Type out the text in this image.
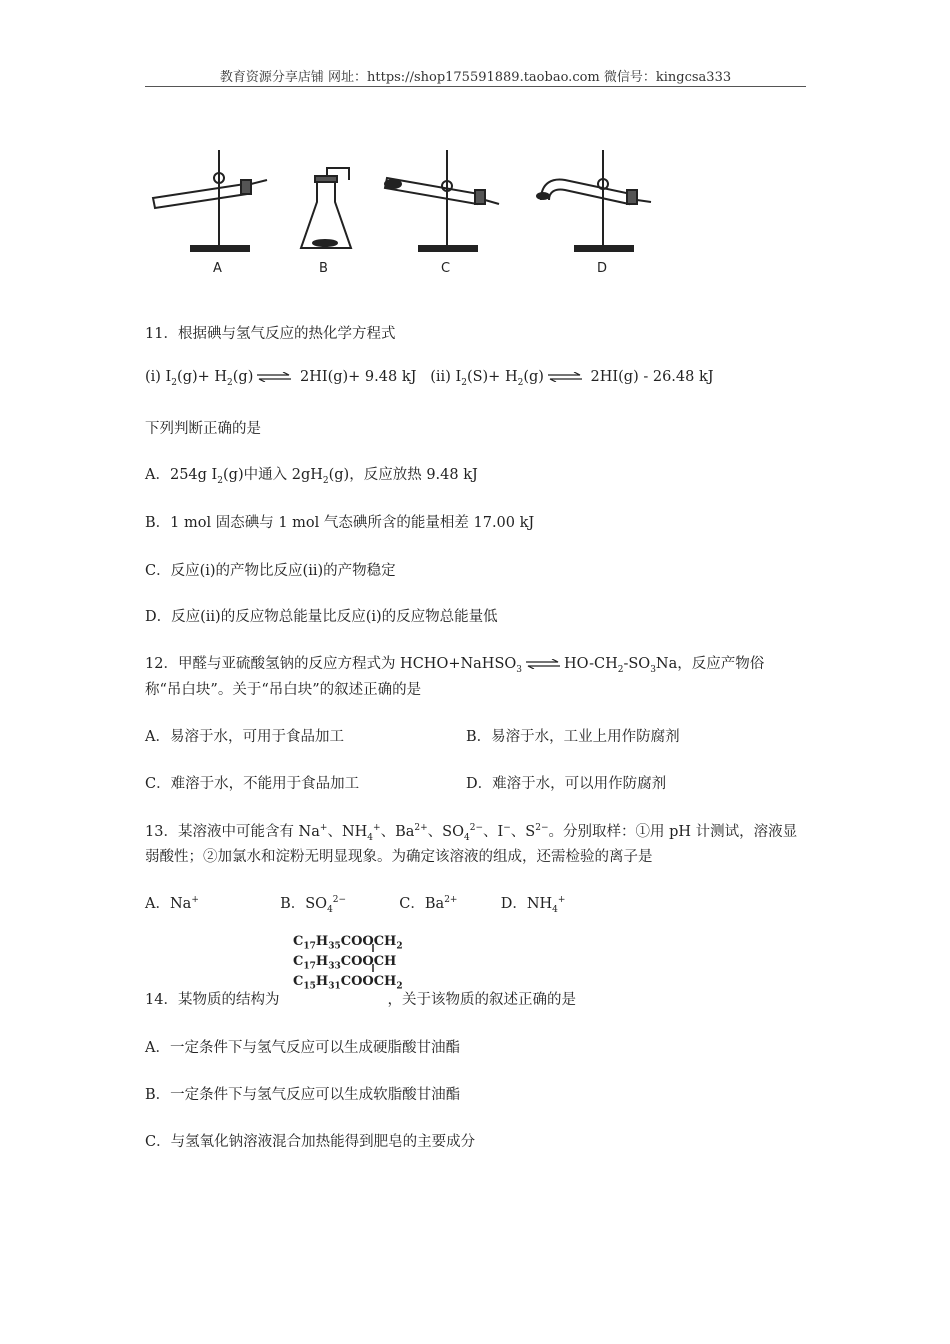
教育资源分享店铺 网址：https://shop175591889.taobao.com 微信号：kingcsa333
A	B	C	D
11．根据碘与氢气反应的热化学方程式
(i) $I_2(g)+ H_2(g)$ ⇌ 2HI(g)+ 9.48 kJ (ii) $I_2(S)+ H_2(g)$ ⇌ 2HI(g) - 26.48 kJ
下列判断正确的是
A．254g $I_2(g)$中通入 $2gH_2(g)$，反应放热 9.48 kJ
B．1 mol 固态碘与 1 mol 气态碘所含的能量相差 17.00 kJ
C．反应(i)的产物比反应(ii)的产物稳定
D．反应(ii)的反应物总能量比反应(i)的反应物总能量低
12．甲醛与亚硫酸氢钠的反应方程式为 HCHO+NaHSO$_3$ ⇌ $HO-CH_2-SO_3Na$，反应产物俗
称“吊白块”。关于“吊白块”的叙述正确的是
A．易溶于水，可用于食品加工	B．易溶于水，工业上用作防腐剂
C．难溶于水，不能用于食品加工	D．难溶于水，可以用作防腐剂
13．某溶液中可能含有 Na+、$NH_4^+$、$Ba^{2+}$、$SO_4^{2-}$、I−、$S^{2-}$。分别取样：①用 pH 计测试，溶液显
弱酸性；②加氯水和淀粉无明显现象。为确定该溶液的组成，还需检验的离子是
A．Na+	B．$SO_4^{2-}$	C．$Ba^{2+}$	D．$NH_4^+$
$C_{17}H_{35}COOCH_2$
$C_{17}H_{33}COOCH$
$C_{15}H_{31}COOCH_2$
14．某物质的结构为	，关于该物质的叙述正确的是
A．一定条件下与氢气反应可以生成硬脂酸甘油酯
B．一定条件下与氢气反应可以生成软脂酸甘油酯
C．与氢氧化钠溶液混合加热能得到肥皂的主要成分
